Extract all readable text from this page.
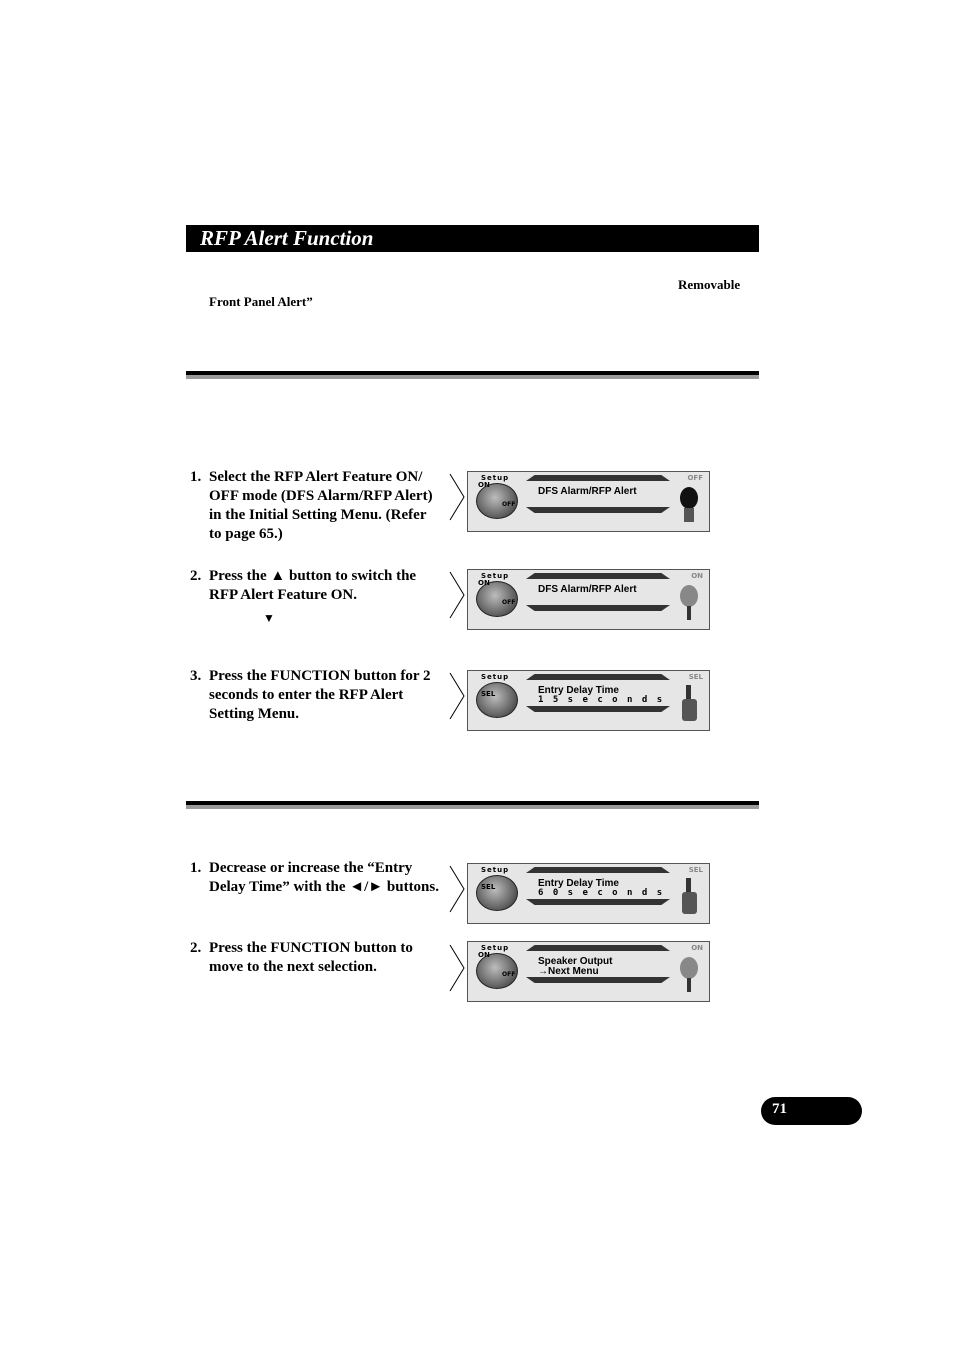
RFP Alert Function
Removable
Front Panel Alert”
1. Select the RFP Alert Feature ON/ OFF mode (DFS Alarm/RFP Alert) in the Initial Setting Menu. (Refer to page 65.)
2. Press the ▲ button to switch the RFP Alert Feature ON.
▼
3. Press the FUNCTION button for 2 seconds to enter the RFP Alert Setting Menu.
1. Decrease or increase the “Entry Delay Time” with the ◄/► buttons.
2. Press the FUNCTION button to move to the next selection.
Setup
ON
OFF
DFS Alarm/RFP Alert
OFF
Setup
ON
OFF
DFS Alarm/RFP Alert
ON
Setup
SEL	Entry Delay Time
1 5 s e c o n d s
SEL
Setup
SEL	Entry Delay Time
6 0 s e c o n d s
SEL
Setup
ON
OFF
Speaker Output
→Next Menu
ON
71
